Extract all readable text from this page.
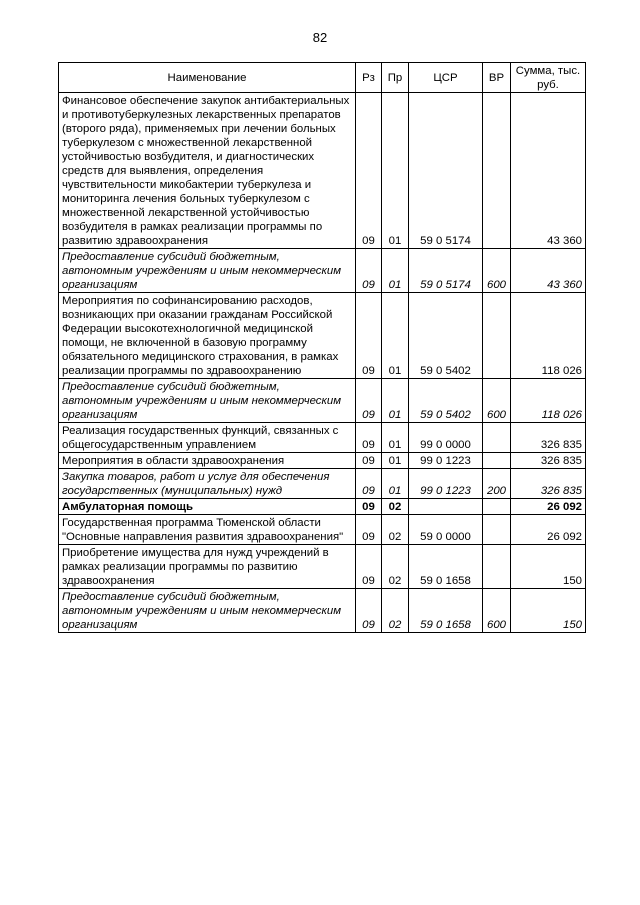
82
Наименование	Рз	Пр	ЦСР	ВР	Сумма, тыс. руб.
Финансовое обеспечение закупок антибактериальных и противотуберкулезных лекарственных препаратов (второго ряда), применяемых при лечении больных туберкулезом с множественной лекарственной устойчивостью возбудителя, и диагностических средств для выявления, определения чувствительности микобактерии туберкулеза и мониторинга лечения больных туберкулезом с множественной лекарственной устойчивостью возбудителя в рамках реализации программы по развитию здравоохранения	09	01	59 0 5174		43 360
Предоставление субсидий бюджетным, автономным учреждениям и иным некоммерческим организациям	09	01	59 0 5174	600	43 360
Мероприятия по софинансированию расходов, возникающих при оказании гражданам Российской Федерации высокотехнологичной медицинской помощи, не включенной в базовую программу обязательного медицинского страхования, в рамках реализации программы по здравоохранению	09	01	59 0 5402		118 026
Предоставление субсидий бюджетным, автономным учреждениям и иным некоммерческим организациям	09	01	59 0 5402	600	118 026
Реализация государственных функций, связанных с общегосударственным управлением	09	01	99 0 0000		326 835
Мероприятия в области здравоохранения	09	01	99 0 1223		326 835
Закупка товаров, работ и услуг для обеспечения государственных (муниципальных) нужд	09	01	99 0 1223	200	326 835
Амбулаторная помощь	09	02			26 092
Государственная программа Тюменской области "Основные направления развития здравоохранения"	09	02	59 0 0000		26 092
Приобретение имущества для нужд учреждений в рамках реализации программы по развитию здравоохранения	09	02	59 0 1658		150
Предоставление субсидий бюджетным, автономным учреждениям и иным некоммерческим организациям	09	02	59 0 1658	600	150
